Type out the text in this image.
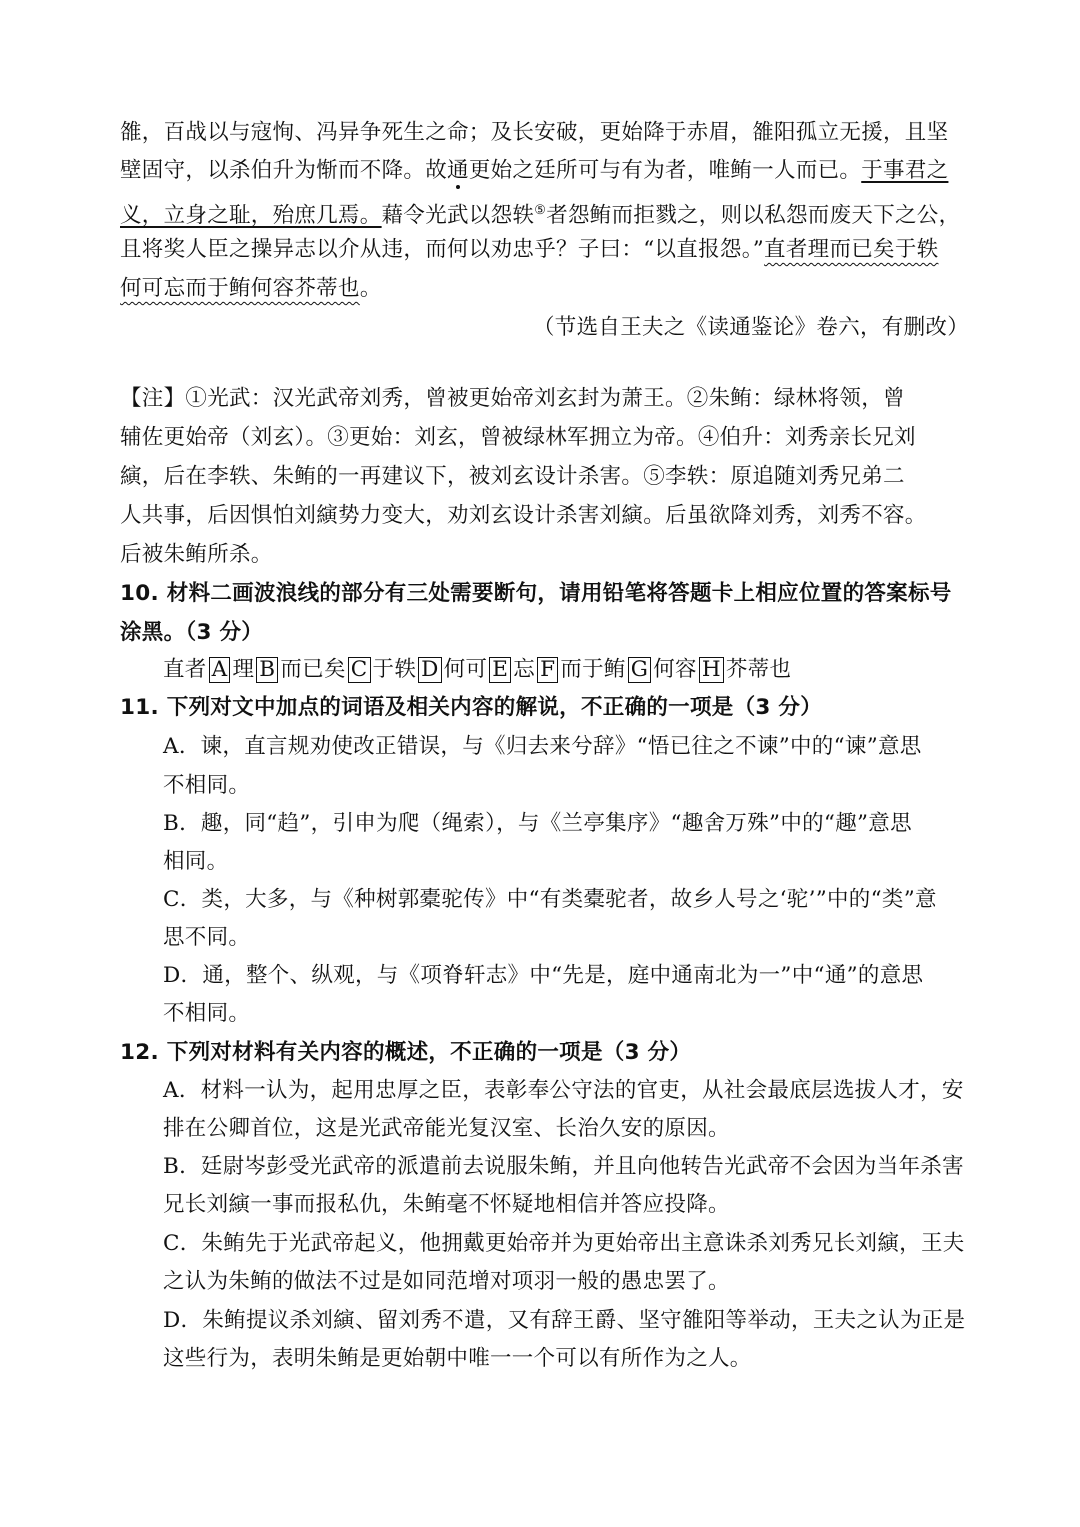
雒，百战以与寇恂、冯异争死生之命；及长安破，更始降于赤眉，雒阳孤立无援，且坚
壁固守，以杀伯升为惭而不降。故通更始之廷所可与有为者，唯鲔一人而已。于事君之
义，立身之耻，殆庶几焉。藉令光武以怨轶⑤者怨鲔而拒戮之，则以私怨而废天下之公，
且将奖人臣之操异志以介从违，而何以劝忠乎？子曰：“以直报怨。”直者理而已矣于轶
何可忘而于鲔何容芥蒂也。
（节选自王夫之《读通鉴论》卷六，有删改）
【注】①光武：汉光武帝刘秀，曾被更始帝刘玄封为萧王。②朱鲔：绿林将领，曾
辅佐更始帝（刘玄）。③更始：刘玄，曾被绿林军拥立为帝。④伯升：刘秀亲长兄刘
縯，后在李轶、朱鲔的一再建议下，被刘玄设计杀害。⑤李轶：原追随刘秀兄弟二
人共事，后因惧怕刘縯势力变大，劝刘玄设计杀害刘縯。后虽欲降刘秀，刘秀不容。
后被朱鲔所杀。
10. 材料二画波浪线的部分有三处需要断句，请用铅笔将答题卡上相应位置的答案标号
涂黑。（3 分）
直者 A 理 B 而已矣 C 于轶 D 何可 E 忘 F 而于鲔 G 何容 H 芥蒂也
11. 下列对文中加点的词语及相关内容的解说，不正确的一项是（3 分）
A．谏，直言规劝使改正错误，与《归去来兮辞》“悟已往之不谏”中的“谏”意思
不相同。
B．趣，同“趋”，引申为爬（绳索），与《兰亭集序》“趣舍万殊”中的“趣”意思
相同。
C．类，大多，与《种树郭橐驼传》中“有类橐驼者，故乡人号之‘驼’”中的“类”意
思不同。
D．通，整个、纵观，与《项脊轩志》中“先是，庭中通南北为一”中“通”的意思
不相同。
12. 下列对材料有关内容的概述，不正确的一项是（3 分）
A．材料一认为，起用忠厚之臣，表彰奉公守法的官吏，从社会最底层选拔人才，安
排在公卿首位，这是光武帝能光复汉室、长治久安的原因。
B．廷尉岑彭受光武帝的派遣前去说服朱鲔，并且向他转告光武帝不会因为当年杀害
兄长刘縯一事而报私仇，朱鲔毫不怀疑地相信并答应投降。
C．朱鲔先于光武帝起义，他拥戴更始帝并为更始帝出主意诛杀刘秀兄长刘縯，王夫
之认为朱鲔的做法不过是如同范增对项羽一般的愚忠罢了。
D．朱鲔提议杀刘縯、留刘秀不遣，又有辞王爵、坚守雒阳等举动，王夫之认为正是
这些行为，表明朱鲔是更始朝中唯一一个可以有所作为之人。
